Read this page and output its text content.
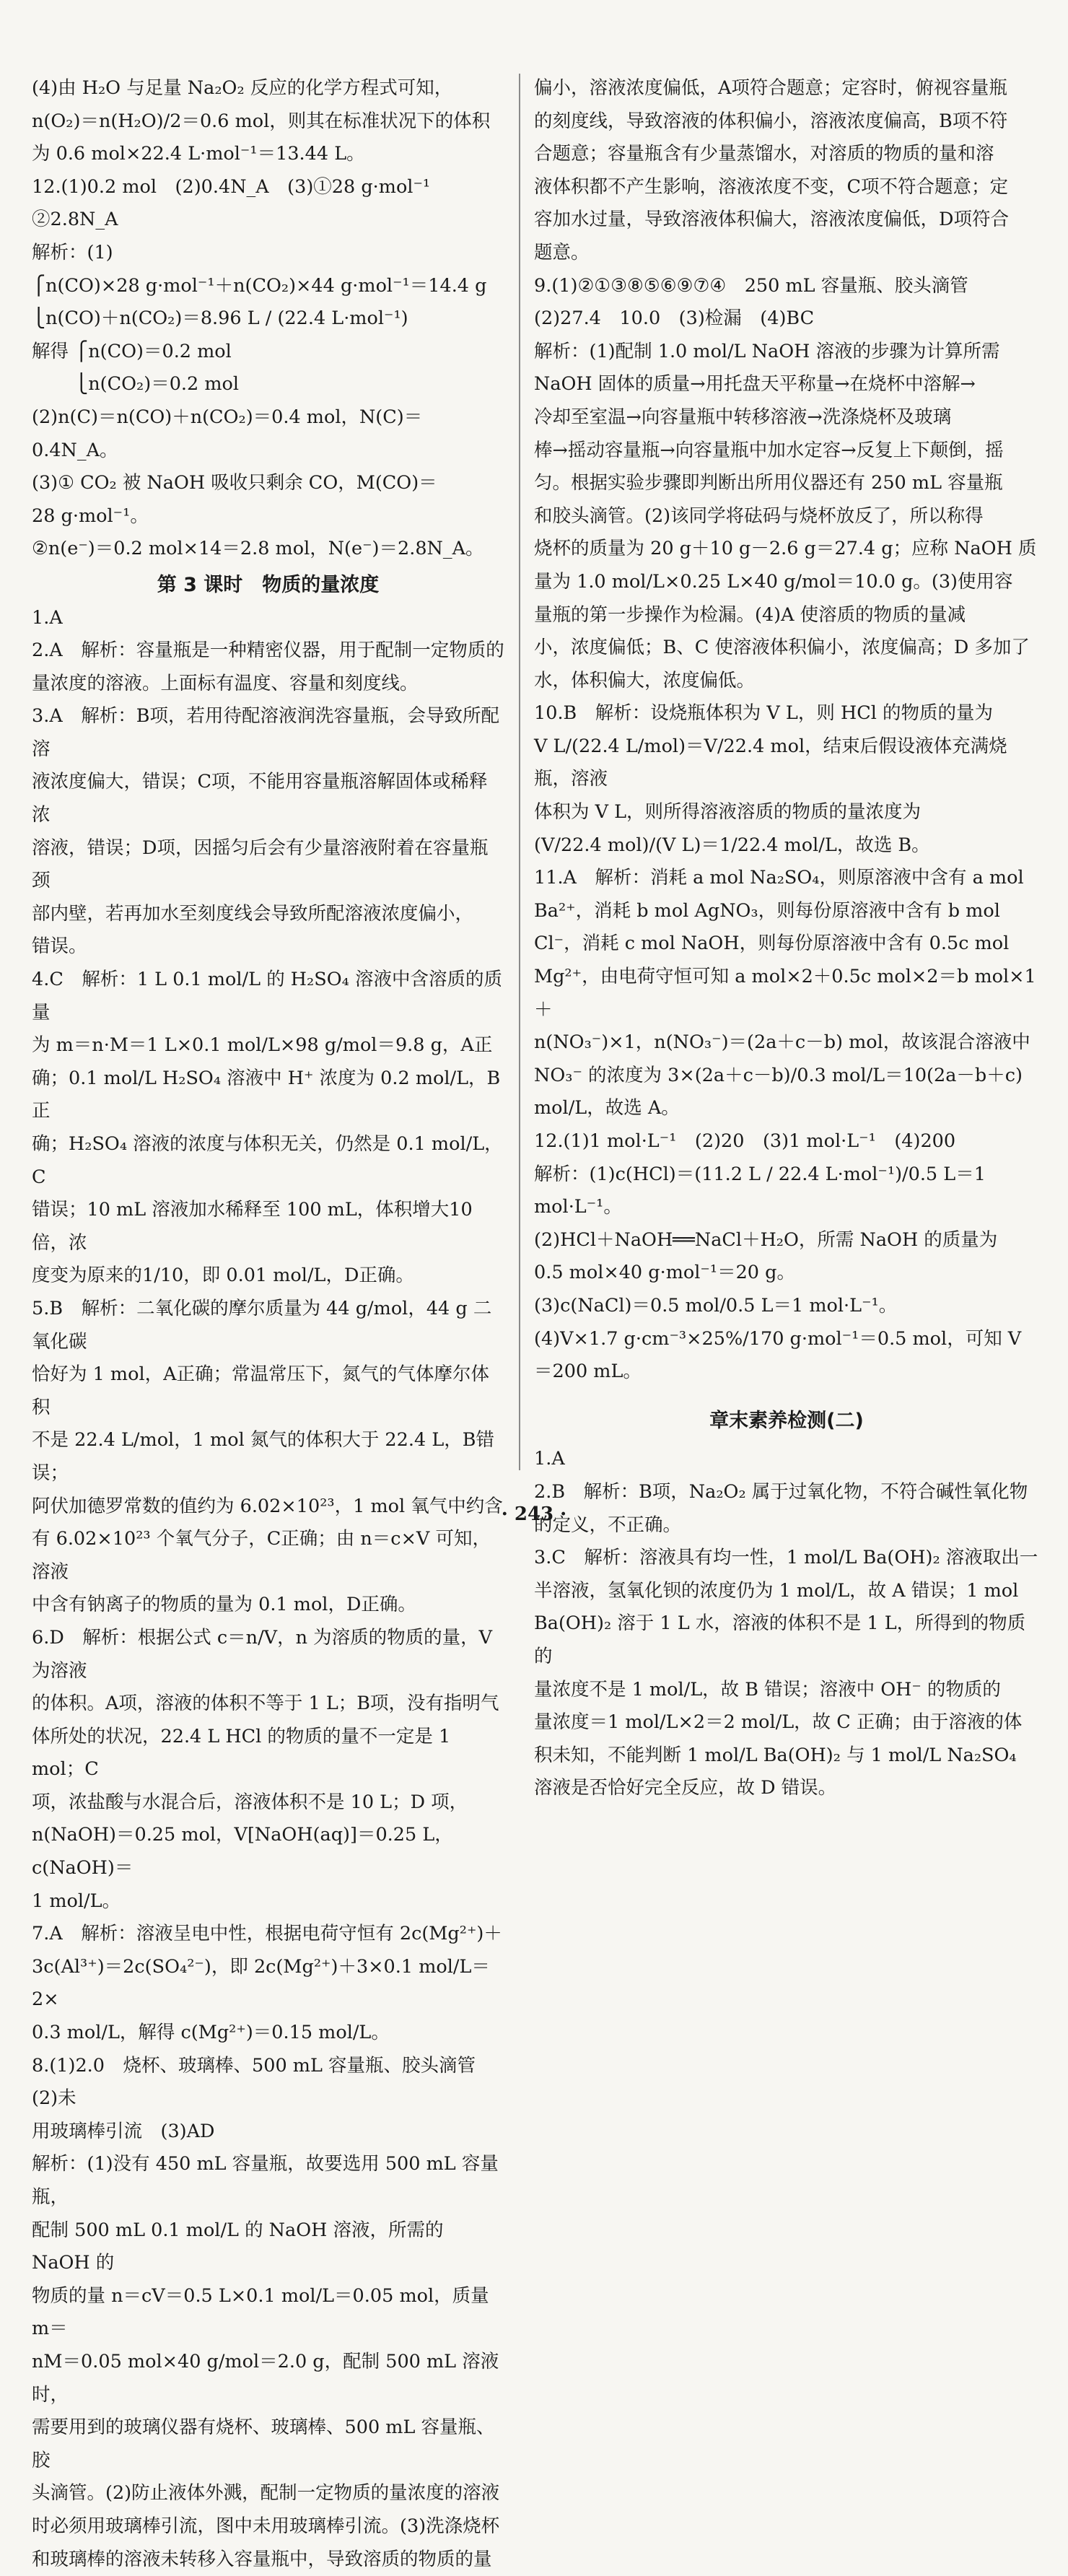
(4)由 H₂O 与足量 Na₂O₂ 反应的化学方程式可知，

n(O₂)＝n(H₂O)/2＝0.6 mol，则其在标准状况下的体积

为 0.6 mol×22.4 L·mol⁻¹＝13.44 L。

12.(1)0.2 mol　(2)0.4N_A　(3)①28 g·mol⁻¹　②2.8N_A

解析：(1)

⎧n(CO)×28 g·mol⁻¹＋n(CO₂)×44 g·mol⁻¹＝14.4 g

⎩n(CO)＋n(CO₂)＝8.96 L / (22.4 L·mol⁻¹)

解得 ⎧n(CO)＝0.2 mol

　　 ⎩n(CO₂)＝0.2 mol

(2)n(C)＝n(CO)＋n(CO₂)＝0.4 mol，N(C)＝0.4N_A。

(3)① CO₂ 被 NaOH 吸收只剩余 CO，M(CO)＝

28 g·mol⁻¹。

②n(e⁻)＝0.2 mol×14＝2.8 mol，N(e⁻)＝2.8N_A。

第 3 课时　物质的量浓度

1.A

2.A　解析：容量瓶是一种精密仪器，用于配制一定物质的

量浓度的溶液。上面标有温度、容量和刻度线。

3.A　解析：B项，若用待配溶液润洗容量瓶，会导致所配溶

液浓度偏大，错误；C项，不能用容量瓶溶解固体或稀释浓

溶液，错误；D项，因摇匀后会有少量溶液附着在容量瓶颈

部内壁，若再加水至刻度线会导致所配溶液浓度偏小，

错误。

4.C　解析：1 L 0.1 mol/L 的 H₂SO₄ 溶液中含溶质的质量

为 m＝n·M＝1 L×0.1 mol/L×98 g/mol＝9.8 g，A正

确；0.1 mol/L H₂SO₄ 溶液中 H⁺ 浓度为 0.2 mol/L，B正

确；H₂SO₄ 溶液的浓度与体积无关，仍然是 0.1 mol/L，C

错误；10 mL 溶液加水稀释至 100 mL，体积增大10倍，浓

度变为原来的1/10，即 0.01 mol/L，D正确。

5.B　解析：二氧化碳的摩尔质量为 44 g/mol，44 g 二氧化碳

恰好为 1 mol，A正确；常温常压下，氮气的气体摩尔体积

不是 22.4 L/mol，1 mol 氮气的体积大于 22.4 L，B错误；

阿伏加德罗常数的值约为 6.02×10²³，1 mol 氧气中约含

有 6.02×10²³ 个氧气分子，C正确；由 n＝c×V 可知，溶液

中含有钠离子的物质的量为 0.1 mol，D正确。

6.D　解析：根据公式 c＝n/V，n 为溶质的物质的量，V 为溶液

的体积。A项，溶液的体积不等于 1 L；B项，没有指明气

体所处的状况，22.4 L HCl 的物质的量不一定是 1 mol；C

项，浓盐酸与水混合后，溶液体积不是 10 L；D 项，

n(NaOH)＝0.25 mol，V[NaOH(aq)]＝0.25 L，c(NaOH)＝

1 mol/L。

7.A　解析：溶液呈电中性，根据电荷守恒有 2c(Mg²⁺)＋

3c(Al³⁺)＝2c(SO₄²⁻)，即 2c(Mg²⁺)＋3×0.1 mol/L＝2×

0.3 mol/L，解得 c(Mg²⁺)＝0.15 mol/L。

8.(1)2.0　烧杯、玻璃棒、500 mL 容量瓶、胶头滴管　(2)未

用玻璃棒引流　(3)AD

解析：(1)没有 450 mL 容量瓶，故要选用 500 mL 容量瓶，

配制 500 mL 0.1 mol/L 的 NaOH 溶液，所需的 NaOH 的

物质的量 n＝cV＝0.5 L×0.1 mol/L＝0.05 mol，质量m＝

nM＝0.05 mol×40 g/mol＝2.0 g，配制 500 mL 溶液时，

需要用到的玻璃仪器有烧杯、玻璃棒、500 mL 容量瓶、胶

头滴管。(2)防止液体外溅，配制一定物质的量浓度的溶液

时必须用玻璃棒引流，图中未用玻璃棒引流。(3)洗涤烧杯

和玻璃棒的溶液未转移入容量瓶中，导致溶质的物质的量

偏小，溶液浓度偏低，A项符合题意；定容时，俯视容量瓶

的刻度线，导致溶液的体积偏小，溶液浓度偏高，B项不符

合题意；容量瓶含有少量蒸馏水，对溶质的物质的量和溶

液体积都不产生影响，溶液浓度不变，C项不符合题意；定

容加水过量，导致溶液体积偏大，溶液浓度偏低，D项符合

题意。

9.(1)②①③⑧⑤⑥⑨⑦④　250 mL 容量瓶、胶头滴管

(2)27.4　10.0　(3)检漏　(4)BC

解析：(1)配制 1.0 mol/L NaOH 溶液的步骤为计算所需

NaOH 固体的质量→用托盘天平称量→在烧杯中溶解→

冷却至室温→向容量瓶中转移溶液→洗涤烧杯及玻璃

棒→摇动容量瓶→向容量瓶中加水定容→反复上下颠倒，摇

匀。根据实验步骤即判断出所用仪器还有 250 mL 容量瓶

和胶头滴管。(2)该同学将砝码与烧杯放反了，所以称得

烧杯的质量为 20 g＋10 g－2.6 g＝27.4 g；应称 NaOH 质

量为 1.0 mol/L×0.25 L×40 g/mol＝10.0 g。(3)使用容

量瓶的第一步操作为检漏。(4)A 使溶质的物质的量减

小，浓度偏低；B、C 使溶液体积偏小，浓度偏高；D 多加了

水，体积偏大，浓度偏低。

10.B　解析：设烧瓶体积为 V L，则 HCl 的物质的量为

V L/(22.4 L/mol)＝V/22.4 mol，结束后假设液体充满烧瓶，溶液

体积为 V L，则所得溶液溶质的物质的量浓度为

(V/22.4 mol)/(V L)＝1/22.4 mol/L，故选 B。

11.A　解析：消耗 a mol Na₂SO₄，则原溶液中含有 a mol

Ba²⁺，消耗 b mol AgNO₃，则每份原溶液中含有 b mol

Cl⁻，消耗 c mol NaOH，则每份原溶液中含有 0.5c mol

Mg²⁺，由电荷守恒可知 a mol×2＋0.5c mol×2＝b mol×1＋

n(NO₃⁻)×1，n(NO₃⁻)＝(2a＋c－b) mol，故该混合溶液中

NO₃⁻ 的浓度为 3×(2a＋c－b)/0.3 mol/L＝10(2a－b＋c)

mol/L，故选 A。

12.(1)1 mol·L⁻¹　(2)20　(3)1 mol·L⁻¹　(4)200

解析：(1)c(HCl)＝(11.2 L / 22.4 L·mol⁻¹)/0.5 L＝1 mol·L⁻¹。

(2)HCl＋NaOH══NaCl＋H₂O，所需 NaOH 的质量为

0.5 mol×40 g·mol⁻¹＝20 g。

(3)c(NaCl)＝0.5 mol/0.5 L＝1 mol·L⁻¹。

(4)V×1.7 g·cm⁻³×25%/170 g·mol⁻¹＝0.5 mol，可知 V＝200 mL。

章末素养检测(二)

1.A

2.B　解析：B项，Na₂O₂ 属于过氧化物，不符合碱性氧化物

的定义，不正确。

3.C　解析：溶液具有均一性，1 mol/L Ba(OH)₂ 溶液取出一

半溶液，氢氧化钡的浓度仍为 1 mol/L，故 A 错误；1 mol

Ba(OH)₂ 溶于 1 L 水，溶液的体积不是 1 L，所得到的物质的

量浓度不是 1 mol/L，故 B 错误；溶液中 OH⁻ 的物质的

量浓度＝1 mol/L×2＝2 mol/L，故 C 正确；由于溶液的体

积未知，不能判断 1 mol/L Ba(OH)₂ 与 1 mol/L Na₂SO₄

溶液是否恰好完全反应，故 D 错误。

· 243 ·
